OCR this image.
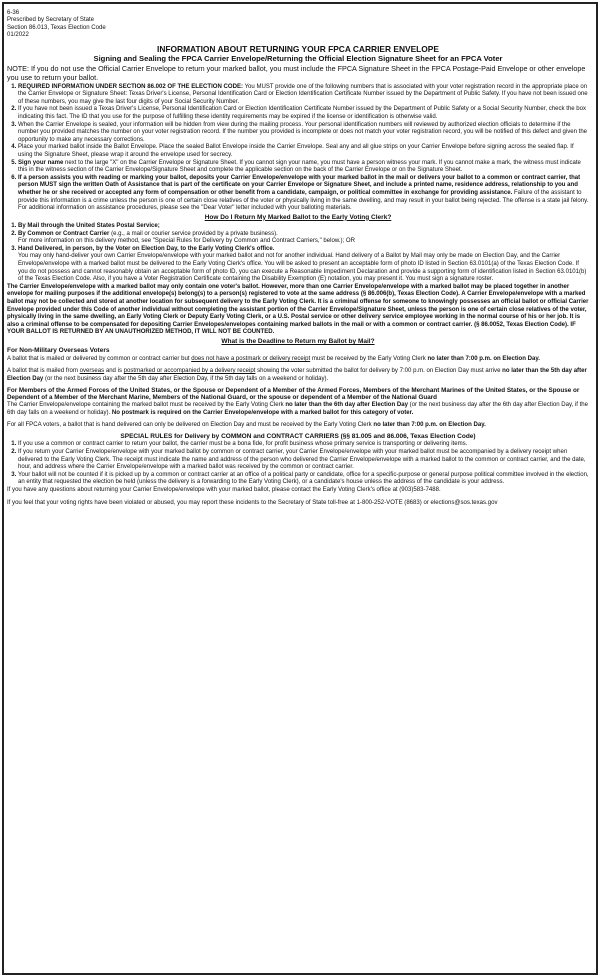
6-36
Prescribed by Secretary of State
Section 86.013, Texas Election Code
01/2022
INFORMATION ABOUT RETURNING YOUR FPCA CARRIER ENVELOPE
Signing and Sealing the FPCA Carrier Envelope/Returning the Official Election Signature Sheet for an FPCA Voter

NOTE: If you do not use the Official Carrier Envelope to return your marked ballot, you must include the FPCA Signature Sheet in the FPCA Postage-Paid Envelope or other envelope you use to return your ballot.

1. REQUIRED INFORMATION UNDER SECTION 86.002 OF THE ELECTION CODE: You MUST provide one of the following numbers that is associated with your voter registration record in the appropriate place on the Carrier Envelope or Signature Sheet: Texas Driver's License, Personal Identification Card or Election Identification Certificate Number issued by the Department of Public Safety. If you have not been issued one of these numbers, you may give the last four digits of your Social Security Number.
2. If you have not been issued a Texas Driver's License, Personal Identification Card or Election Identification Certificate Number issued by the Department of Public Safety or a Social Security Number, check the box indicating this fact. The ID that you use for the purpose of fulfilling these identity requirements may be expired if the license or identification is otherwise valid.
3. When the Carrier Envelope is sealed, your information will be hidden from view during the mailing process. Your personal identification numbers will reviewed by authorized election officials to determine if the number you provided matches the number on your voter registration record. If the number you provided is incomplete or does not match your voter registration record, you will be notified of this defect and given the opportunity to make any necessary corrections.
4. Place your marked ballot inside the Ballot Envelope. Place the sealed Ballot Envelope inside the Carrier Envelope. Seal any and all glue strips on your Carrier Envelope before signing across the sealed flap. If using the Signature Sheet, please wrap it around the envelope used for secrecy.
5. Sign your name next to the large "X" on the Carrier Envelope or Signature Sheet. If you cannot sign your name, you must have a person witness your mark. If you cannot make a mark, the witness must indicate this in the witness section of the Carrier Envelope/Signature Sheet and complete the applicable section on the back of the Carrier Envelope or on the Signature Sheet.
6. If a person assists you with reading or marking your ballot, deposits your Carrier Envelope/envelope with your marked ballot in the mail or delivers your ballot to a common or contract carrier, that person MUST sign the written Oath of Assistance that is part of the certificate on your Carrier Envelope or Signature Sheet, and include a printed name, residence address, relationship to you and whether he or she received or accepted any form of compensation or other benefit from a candidate, campaign, or political committee in exchange for providing assistance. Failure of the assistant to provide this information is a crime unless the person is one of certain close relatives of the voter or physically living in the same dwelling, and may result in your ballot being rejected. The offense is a state jail felony. For additional information on assistance procedures, please see the "Dear Voter" letter included with your balloting materials.
How Do I Return My Marked Ballot to the Early Voting Clerk?
1. By Mail through the United States Postal Service;
2. By Common or Contract Carrier (e.g., a mail or courier service provided by a private business).
For more information on this delivery method, see "Special Rules for Delivery by Common and Contract Carriers," below.); OR
3. Hand Delivered, in person, by the Voter on Election Day, to the Early Voting Clerk's office.
You may only hand-deliver your own Carrier Envelope/envelope with your marked ballot and not for another individual. Hand delivery of a Ballot by Mail may only be made on Election Day, and the Carrier Envelope/envelope with a marked ballot must be delivered to the Early Voting Clerk's office. You will be asked to present an acceptable form of photo ID listed in Section 63.0101(a) of the Texas Election Code. If you do not possess and cannot reasonably obtain an acceptable form of photo ID, you can execute a Reasonable Impediment Declaration and provide a supporting form of identification listed in Section 63.0101(b) of the Texas Election Code. Also, if you have a Voter Registration Certificate containing the Disability Exemption (E) notation, you may present it. You must sign a signature roster.

The Carrier Envelope/envelope with a marked ballot may only contain one voter's ballot. However, more than one Carrier Envelope/envelope with a marked ballot may be placed together in another envelope for mailing purposes if the additional envelope(s) belong(s) to a person(s) registered to vote at the same address (§ 86.006(b), Texas Election Code). A Carrier Envelope/envelope with a marked ballot may not be collected and stored at another location for subsequent delivery to the Early Voting Clerk. It is a criminal offense for someone to knowingly possesses an official ballot or official Carrier Envelope provided under this Code of another individual without completing the assistant portion of the Carrier Envelope/Signature Sheet, unless the person is one of certain close relatives of the voter, physically living in the same dwelling, an Early Voting Clerk or Deputy Early Voting Clerk, or a U.S. Postal service or other delivery service employee working in the normal course of his or her job. It is also a criminal offense to be compensated for depositing Carrier Envelopes/envelopes containing marked ballots in the mail or with a common or contract carrier. (§ 86.0052, Texas Election Code). IF YOUR BALLOT IS RETURNED BY AN UNAUTHORIZED METHOD, IT WILL NOT BE COUNTED.

What is the Deadline to Return my Ballot by Mail?
For Non-Military Overseas Voters

A ballot that is mailed or delivered by common or contract carrier but does not have a postmark or delivery receipt must be received by the Early Voting Clerk no later than 7:00 p.m. on Election Day.

A ballot that is mailed from overseas and is postmarked or accompanied by a delivery receipt showing the voter submitted the ballot for delivery by 7:00 p.m. on Election Day must arrive no later than the 5th day after Election Day (or the next business day after the 5th day after Election Day, if the 5th day falls on a weekend or holiday).

For Members of the Armed Forces of the United States, or the Spouse or Dependent of a Member of the Armed Forces, Members of the Merchant Marines of the United States, or the Spouse or Dependent of a Member of the Merchant Marine, Members of the National Guard, or the spouse or dependent of a Member of the National Guard

The Carrier Envelope/envelope containing the marked ballot must be received by the Early Voting Clerk no later than the 6th day after Election Day (or the next business day after the 6th day after Election Day, if the 6th day falls on a weekend or holiday). No postmark is required on the Carrier Envelope/envelope with a marked ballot for this category of voter.

For all FPCA voters, a ballot that is hand delivered can only be delivered on Election Day and must be received by the Early Voting Clerk no later than 7:00 p.m. on Election Day.

SPECIAL RULES for Delivery by COMMON and CONTRACT CARRIERS (§§ 81.005 and 86.006, Texas Election Code)
1. If you use a common or contract carrier to return your ballot, the carrier must be a bona fide, for profit business whose primary service is transporting or delivering items.
2. If you return your Carrier Envelope/envelope with your marked ballot by common or contract carrier, your Carrier Envelope/envelope with your marked ballot must be accompanied by a delivery receipt when delivered to the Early Voting Clerk. The receipt must indicate the name and address of the person who delivered the Carrier Envelope/envelope with a marked ballot to the common or contract carrier, and the date, hour, and address where the Carrier Envelope/envelope with a marked ballot was received by the common or contract carrier.
3. Your ballot will not be counted if it is picked up by a common or contract carrier at an office of a political party or candidate, office for a specific-purpose or general purpose political committee involved in the election, an entity that requested the election be held (unless the delivery is a forwarding to the Early Voting Clerk), or a candidate's house unless the address of the candidate is your address.

If you have any questions about returning your Carrier Envelope/envelope with your marked ballot, please contact the Early Voting Clerk's office at (903)583-7488.

If you feel that your voting rights have been violated or abused, you may report these incidents to the Secretary of State toll-free at 1-800-252-VOTE (8683) or elections@sos.texas.gov
